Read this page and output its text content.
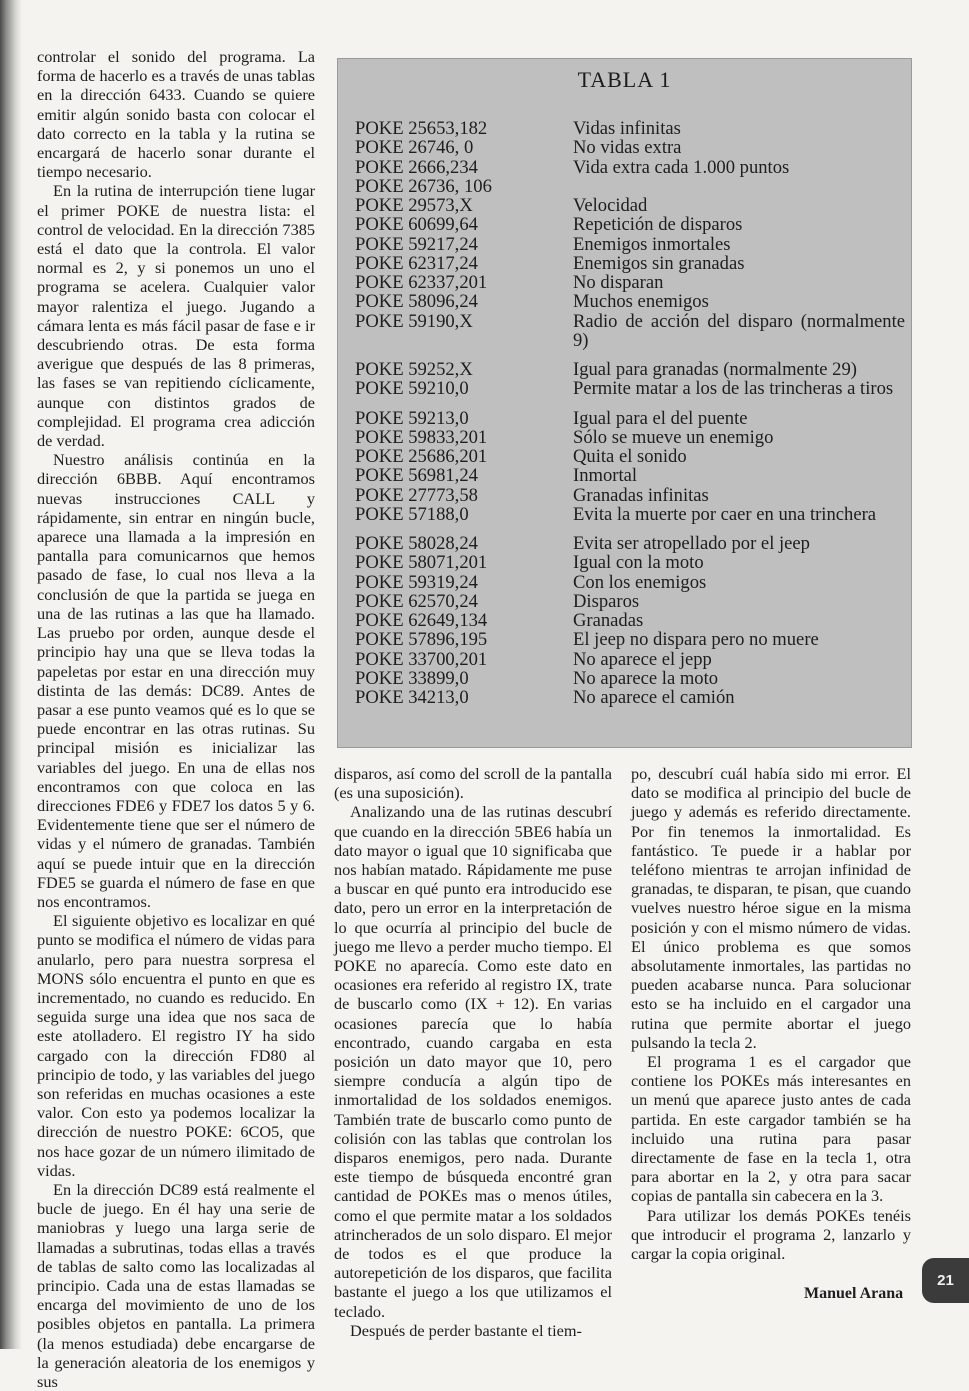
controlar el sonido del programa. La forma de hacerlo es a través de unas tablas en la dirección 6433. Cuando se quiere emitir algún sonido basta con colocar el dato correcto en la tabla y la rutina se encargará de hacerlo sonar durante el tiempo necesario.

En la rutina de interrupción tiene lugar el primer POKE de nuestra lista: el control de velocidad. En la dirección 7385 está el dato que la controla. El valor normal es 2, y si ponemos un uno el programa se acelera. Cualquier valor mayor ralentiza el juego. Jugando a cámara lenta es más fácil pasar de fase e ir descubriendo otras. De esta forma averigue que después de las 8 primeras, las fases se van repitiendo cíclicamente, aunque con distintos grados de complejidad. El programa crea adicción de verdad.

Nuestro análisis continúa en la dirección 6BBB. Aquí encontramos nuevas instrucciones CALL y rápidamente, sin entrar en ningún bucle, aparece una llamada a la impresión en pantalla para comunicarnos que hemos pasado de fase, lo cual nos lleva a la conclusión de que la partida se juega en una de las rutinas a las que ha llamado. Las pruebo por orden, aunque desde el principio hay una que se lleva todas la papeletas por estar en una dirección muy distinta de las demás: DC89. Antes de pasar a ese punto veamos qué es lo que se puede encontrar en las otras rutinas. Su principal misión es inicializar las variables del juego. En una de ellas nos encontramos con que coloca en las direcciones FDE6 y FDE7 los datos 5 y 6. Evidentemente tiene que ser el número de vidas y el número de granadas. También aquí se puede intuir que en la dirección FDE5 se guarda el número de fase en que nos encontramos.

El siguiente objetivo es localizar en qué punto se modifica el número de vidas para anularlo, pero para nuestra sorpresa el MONS sólo encuentra el punto en que es incrementado, no cuando es reducido. En seguida surge una idea que nos saca de este atolladero. El registro IY ha sido cargado con la dirección FD80 al principio de todo, y las variables del juego son referidas en muchas ocasiones a este valor. Con esto ya podemos localizar la dirección de nuestro POKE: 6CO5, que nos hace gozar de un número ilimitado de vidas.

En la dirección DC89 está realmente el bucle de juego. En él hay una serie de maniobras y luego una larga serie de llamadas a subrutinas, todas ellas a través de tablas de salto como las localizadas al principio. Cada una de estas llamadas se encarga del movimiento de uno de los posibles objetos en pantalla. La primera (la menos estudiada) debe encargarse de la generación aleatoria de los enemigos y sus

TABLA 1
POKE 25653,182	Vidas infinitas
POKE 26746, 0	No vidas extra
POKE 2666,234	Vida extra cada 1.000 puntos
POKE 26736, 106
POKE 29573,X	Velocidad
POKE 60699,64	Repetición de disparos
POKE 59217,24	Enemigos inmortales
POKE 62317,24	Enemigos sin granadas
POKE 62337,201	No disparan
POKE 58096,24	Muchos enemigos
POKE 59190,X	Radio de acción del disparo (normalmente 9)
POKE 59252,X	Igual para granadas (normalmente 29)
POKE 59210,0	Permite matar a los de las trincheras a tiros
POKE 59213,0	Igual para el del puente
POKE 59833,201	Sólo se mueve un enemigo
POKE 25686,201	Quita el sonido
POKE 56981,24	Inmortal
POKE 27773,58	Granadas infinitas
POKE 57188,0	Evita la muerte por caer en una trinchera
POKE 58028,24	Evita ser atropellado por el jeep
POKE 58071,201	Igual con la moto
POKE 59319,24	Con los enemigos
POKE 62570,24	Disparos
POKE 62649,134	Granadas
POKE 57896,195	El jeep no dispara pero no muere
POKE 33700,201	No aparece el jepp
POKE 33899,0	No aparece la moto
POKE 34213,0	No aparece el camión

disparos, así como del scroll de la pantalla (es una suposición).

Analizando una de las rutinas descubrí que cuando en la dirección 5BE6 había un dato mayor o igual que 10 significaba que nos habían matado. Rápidamente me puse a buscar en qué punto era introducido ese dato, pero un error en la interpretación de lo que ocurría al principio del bucle de juego me llevo a perder mucho tiempo. El POKE no aparecía. Como este dato en ocasiones era referido al registro IX, trate de buscarlo como (IX + 12). En varias ocasiones parecía que lo había encontrado, cuando cargaba en esta posición un dato mayor que 10, pero siempre conducía a algún tipo de inmortalidad de los soldados enemigos. También trate de buscarlo como punto de colisión con las tablas que controlan los disparos enemigos, pero nada. Durante este tiempo de búsqueda encontré gran cantidad de POKEs mas o menos útiles, como el que permite matar a los soldados atrincherados de un solo disparo. El mejor de todos es el que produce la autorepetición de los disparos, que facilita bastante el juego a los que utilizamos el teclado.

Después de perder bastante el tiem-

po, descubrí cuál había sido mi error. El dato se modifica al principio del bucle de juego y además es referido directamente. Por fin tenemos la inmortalidad. Es fantástico. Te puede ir a hablar por teléfono mientras te arrojan infinidad de granadas, te disparan, te pisan, que cuando vuelves nuestro héroe sigue en la misma posición y con el mismo número de vidas. El único problema es que somos absolutamente inmortales, las partidas no pueden acabarse nunca. Para solucionar esto se ha incluido en el cargador una rutina que permite abortar el juego pulsando la tecla 2.

El programa 1 es el cargador que contiene los POKEs más interesantes en un menú que aparece justo antes de cada partida. En este cargador también se ha incluido una rutina para pasar directamente de fase en la tecla 1, otra para abortar en la 2, y otra para sacar copias de pantalla sin cabecera en la 3.

Para utilizar los demás POKEs tenéis que introducir el programa 2, lanzarlo y cargar la copia original.

Manuel Arana
21
